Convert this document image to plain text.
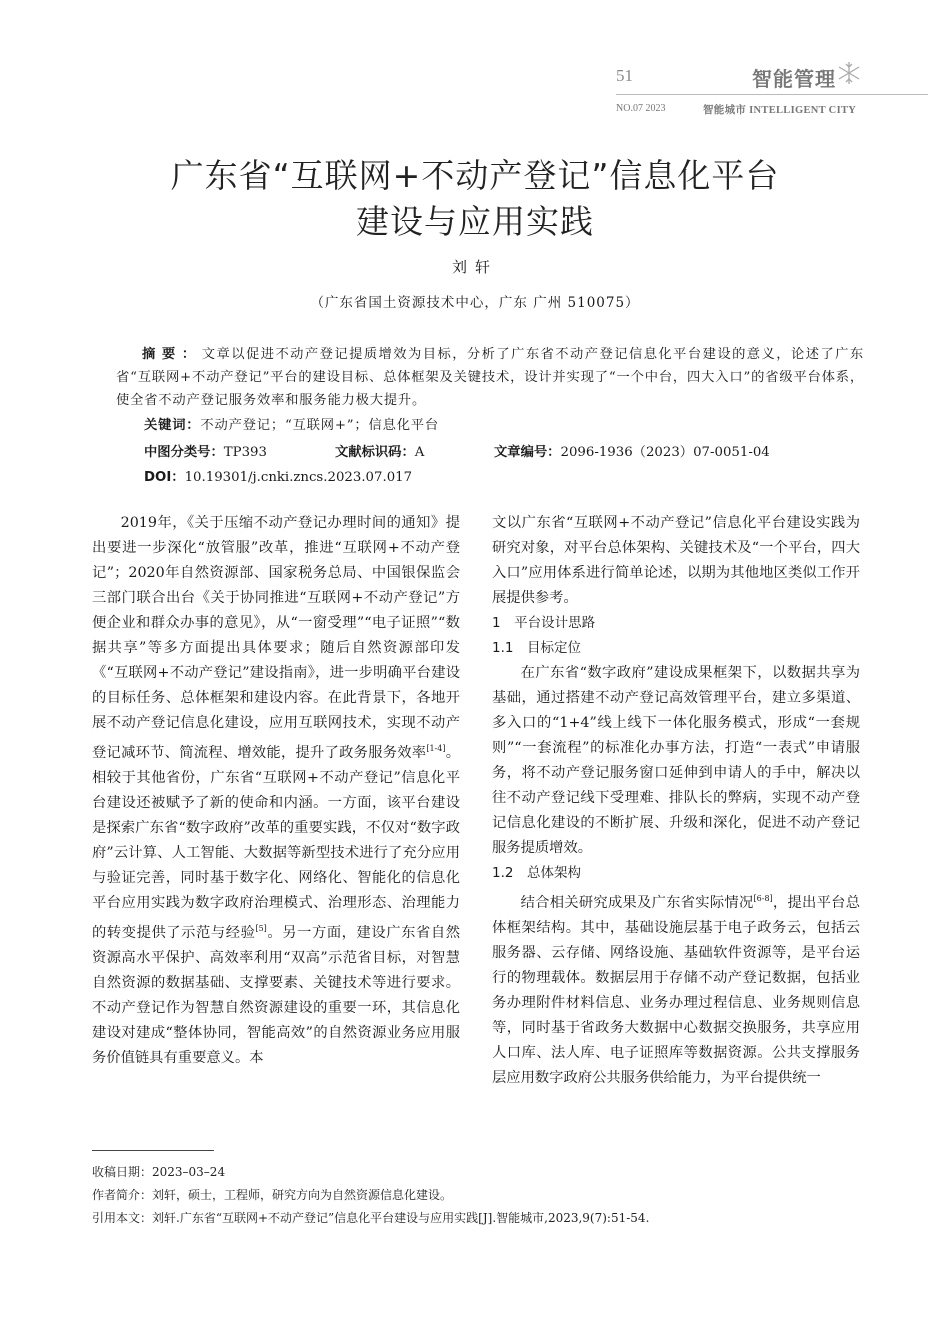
51	智能管理
NO.07 2023	智能城市 INTELLIGENT CITY
广东省“互联网+不动产登记”信息化平台
建设与应用实践
刘轩
（广东省国土资源技术中心，广东 广州 510075）
摘要：文章以促进不动产登记提质增效为目标，分析了广东省不动产登记信息化平台建设的意义，论述了广东省“互联网+不动产登记”平台的建设目标、总体框架及关键技术，设计并实现了“一个中台，四大入口”的省级平台体系，使全省不动产登记服务效率和服务能力极大提升。
关键词：不动产登记；“互联网+”；信息化平台
中图分类号：TP393	文献标识码：A	文章编号：2096-1936（2023）07-0051-04
DOI：10.19301/j.cnki.zncs.2023.07.017

2019年，《关于压缩不动产登记办理时间的通知》提出要进一步深化“放管服”改革，推进“互联网+不动产登记”；2020年自然资源部、国家税务总局、中国银保监会三部门联合出台《关于协同推进“互联网+不动产登记”方便企业和群众办事的意见》，从“一窗受理”“电子证照”“数据共享”等多方面提出具体要求；随后自然资源部印发《“互联网+不动产登记”建设指南》，进一步明确平台建设的目标任务、总体框架和建设内容。在此背景下，各地开展不动产登记信息化建设，应用互联网技术，实现不动产登记减环节、简流程、增效能，提升了政务服务效率[1-4]。相较于其他省份，广东省“互联网+不动产登记”信息化平台建设还被赋予了新的使命和内涵。一方面，该平台建设是探索广东省“数字政府”改革的重要实践，不仅对“数字政府”云计算、人工智能、大数据等新型技术进行了充分应用与验证完善，同时基于数字化、网络化、智能化的信息化平台应用实践为数字政府治理模式、治理形态、治理能力的转变提供了示范与经验[5]。另一方面，建设广东省自然资源高水平保护、高效率利用“双高”示范省目标，对智慧自然资源的数据基础、支撑要素、关键技术等进行要求。不动产登记作为智慧自然资源建设的重要一环，其信息化建设对建成“整体协同，智能高效”的自然资源业务应用服务价值链具有重要意义。本

文以广东省“互联网+不动产登记”信息化平台建设实践为研究对象，对平台总体架构、关键技术及“一个平台，四大入口”应用体系进行简单论述，以期为其他地区类似工作开展提供参考。

1　平台设计思路

1.1　目标定位

在广东省“数字政府”建设成果框架下，以数据共享为基础，通过搭建不动产登记高效管理平台，建立多渠道、多入口的“1+4”线上线下一体化服务模式，形成“一套规则”“一套流程”的标准化办事方法，打造“一表式”申请服务，将不动产登记服务窗口延伸到申请人的手中，解决以往不动产登记线下受理难、排队长的弊病，实现不动产登记信息化建设的不断扩展、升级和深化，促进不动产登记服务提质增效。

1.2　总体架构

结合相关研究成果及广东省实际情况[6-8]，提出平台总体框架结构。其中，基础设施层基于电子政务云，包括云服务器、云存储、网络设施、基础软件资源等，是平台运行的物理载体。数据层用于存储不动产登记数据，包括业务办理附件材料信息、业务办理过程信息、业务规则信息等，同时基于省政务大数据中心数据交换服务，共享应用人口库、法人库、电子证照库等数据资源。公共支撑服务层应用数字政府公共服务供给能力，为平台提供统一

收稿日期：2023–03–24
作者简介：刘轩，硕士，工程师，研究方向为自然资源信息化建设。
引用本文：刘轩.广东省“互联网+不动产登记”信息化平台建设与应用实践[J].智能城市,2023,9(7):51-54.
